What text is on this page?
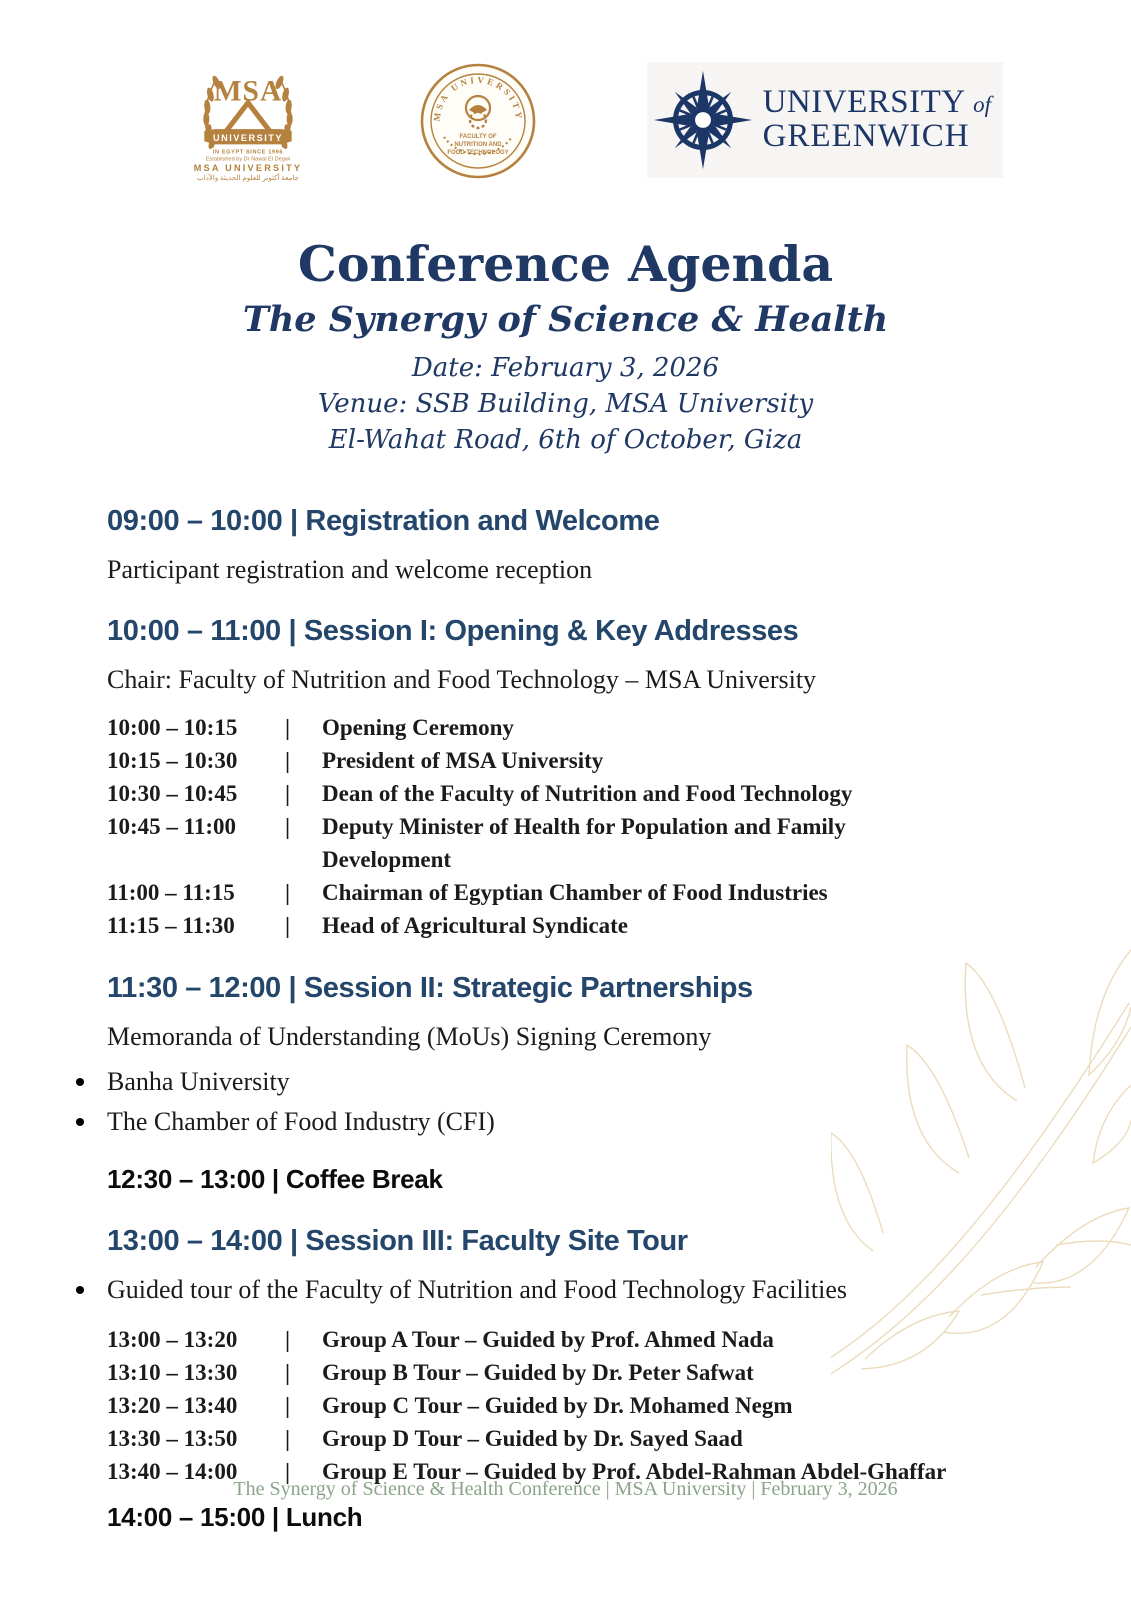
MSA
UNIVERSITY
IN EGYPT SINCE 1996
Established by Dr Nawal El Degwi
MSA UNIVERSITY
جامعة أكتوبر للعلوم الحديثة والآداب
MSA UNIVERSITY
FACULTY OF
NUTRITION AND
FOOD TECHNOLOGY
UNIVERSITY of
GREENWICH
Conference Agenda
The Synergy of Science & Health

Date: February 3, 2026

Venue: SSB Building, MSA University

El-Wahat Road, 6th of October, Giza

09:00 – 10:00 | Registration and Welcome

Participant registration and welcome reception

10:00 – 11:00 | Session I: Opening & Key Addresses

Chair: Faculty of Nutrition and Food Technology – MSA University

10:00 – 10:15	|	Opening Ceremony
10:15 – 10:30	|	President of MSA University
10:30 – 10:45	|	Dean of the Faculty of Nutrition and Food Technology
10:45 – 11:00	|	Deputy Minister of Health for Population and Family Development
11:00 – 11:15	|	Chairman of Egyptian Chamber of Food Industries
11:15 – 11:30	|	Head of Agricultural Syndicate
11:30 – 12:00 | Session II: Strategic Partnerships

Memoranda of Understanding (MoUs) Signing Ceremony

Banha University
The Chamber of Food Industry (CFI)

12:30 – 13:00 | Coffee Break

13:00 – 14:00 | Session III: Faculty Site Tour
Guided tour of the Faculty of Nutrition and Food Technology Facilities
13:00 – 13:20	|	Group A Tour – Guided by Prof. Ahmed Nada
13:10 – 13:30	|	Group B Tour – Guided by Dr. Peter Safwat
13:20 – 13:40	|	Group C Tour – Guided by Dr. Mohamed Negm
13:30 – 13:50	|	Group D Tour – Guided by Dr. Sayed Saad
13:40 – 14:00	|	Group E Tour – Guided by Prof. Abdel-Rahman Abdel-Ghaffar

14:00 – 15:00 | Lunch

The Synergy of Science & Health Conference | MSA University | February 3, 2026
